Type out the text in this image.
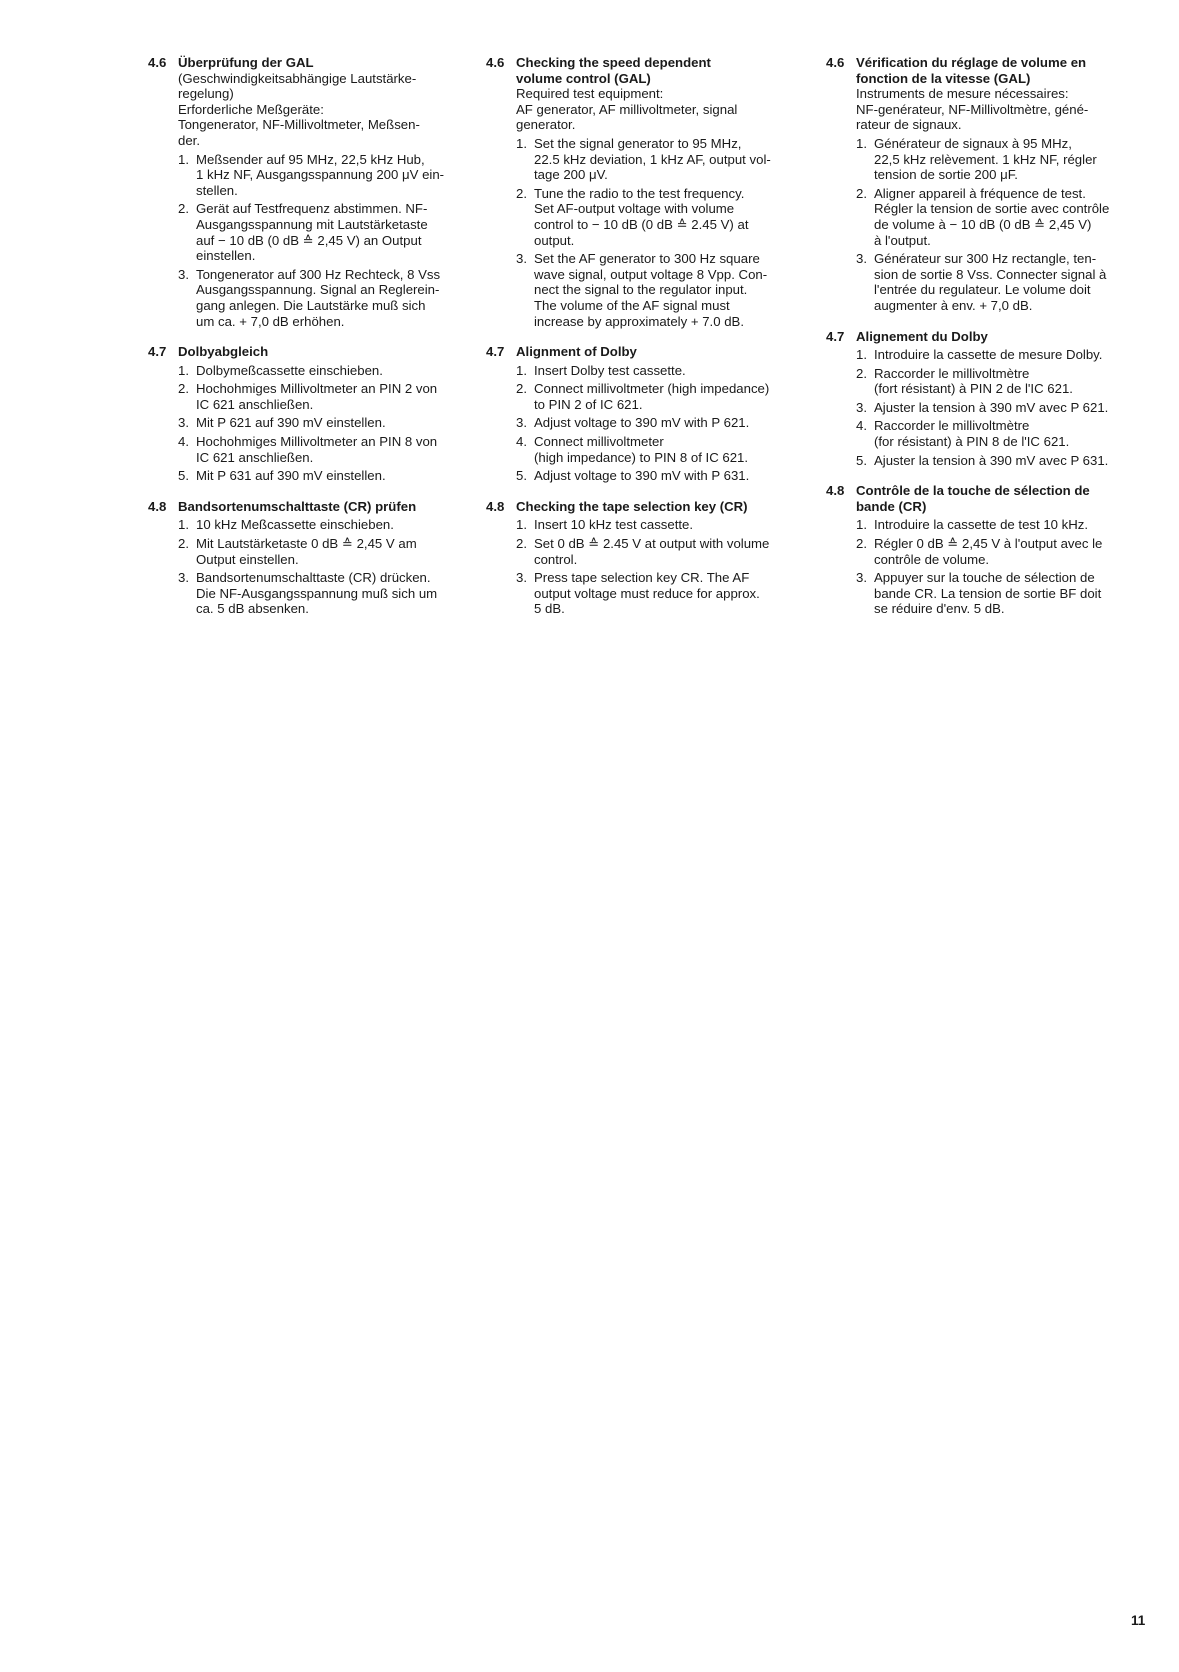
4.6 Überprüfung der GAL
(Geschwindigkeitsabhängige Lautstärke-
regelung)
Erforderliche Meßgeräte:
Tongenerator, NF-Millivoltmeter, Meßsen-
der.
1. Meßsender auf 95 MHz, 22,5 kHz Hub,
1 kHz NF, Ausgangsspannung 200 μV ein-
stellen.
2. Gerät auf Testfrequenz abstimmen. NF-
Ausgangsspannung mit Lautstärketaste
auf − 10 dB (0 dB ≙ 2,45 V) an Output
einstellen.
3. Tongenerator auf 300 Hz Rechteck, 8 Vss
Ausgangsspannung. Signal an Reglerein-
gang anlegen. Die Lautstärke muß sich
um ca. + 7,0 dB erhöhen.
4.7 Dolbyabgleich
1. Dolbymeßcassette einschieben.
2. Hochohmiges Millivoltmeter an PIN 2 von
IC 621 anschließen.
3. Mit P 621 auf 390 mV einstellen.
4. Hochohmiges Millivoltmeter an PIN 8 von
IC 621 anschließen.
5. Mit P 631 auf 390 mV einstellen.
4.8 Bandsortenumschalttaste (CR) prüfen
1. 10 kHz Meßcassette einschieben.
2. Mit Lautstärketaste 0 dB ≙ 2,45 V am
Output einstellen.
3. Bandsortenumschalttaste (CR) drücken.
Die NF-Ausgangsspannung muß sich um
ca. 5 dB absenken.
4.6 Checking the speed dependent
volume control (GAL)
Required test equipment:
AF generator, AF millivoltmeter, signal
generator.
1. Set the signal generator to 95 MHz,
22.5 kHz deviation, 1 kHz AF, output vol-
tage 200 μV.
2. Tune the radio to the test frequency.
Set AF-output voltage with volume
control to − 10 dB (0 dB ≙ 2.45 V) at
output.
3. Set the AF generator to 300 Hz square
wave signal, output voltage 8 Vpp. Con-
nect the signal to the regulator input.
The volume of the AF signal must
increase by approximately + 7.0 dB.
4.7 Alignment of Dolby
1. Insert Dolby test cassette.
2. Connect millivoltmeter (high impedance)
to PIN 2 of IC 621.
3. Adjust voltage to 390 mV with P 621.
4. Connect millivoltmeter
(high impedance) to PIN 8 of IC 621.
5. Adjust voltage to 390 mV with P 631.
4.8 Checking the tape selection key (CR)
1. Insert 10 kHz test cassette.
2. Set 0 dB ≙ 2.45 V at output with volume
control.
3. Press tape selection key CR. The AF
output voltage must reduce for approx.
5 dB.
4.6 Vérification du réglage de volume en
fonction de la vitesse (GAL)
Instruments de mesure nécessaires:
NF-genérateur, NF-Millivoltmètre, géné-
rateur de signaux.
1. Générateur de signaux à 95 MHz,
22,5 kHz relèvement. 1 kHz NF, régler
tension de sortie 200 μF.
2. Aligner appareil à fréquence de test.
Régler la tension de sortie avec contrôle
de volume à − 10 dB (0 dB ≙ 2,45 V)
à l'output.
3. Générateur sur 300 Hz rectangle, ten-
sion de sortie 8 Vss. Connecter signal à
l'entrée du regulateur. Le volume doit
augmenter à env. + 7,0 dB.
4.7 Alignement du Dolby
1. Introduire la cassette de mesure Dolby.
2. Raccorder le millivoltmètre
(fort résistant) à PIN 2 de l'IC 621.
3. Ajuster la tension à 390 mV avec P 621.
4. Raccorder le millivoltmètre
(for résistant) à PIN 8 de l'IC 621.
5. Ajuster la tension à 390 mV avec P 631.
4.8 Contrôle de la touche de sélection de
bande (CR)
1. Introduire la cassette de test 10 kHz.
2. Régler 0 dB ≙ 2,45 V à l'output avec le
contrôle de volume.
3. Appuyer sur la touche de sélection de
bande CR. La tension de sortie BF doit
se réduire d'env. 5 dB.
11
